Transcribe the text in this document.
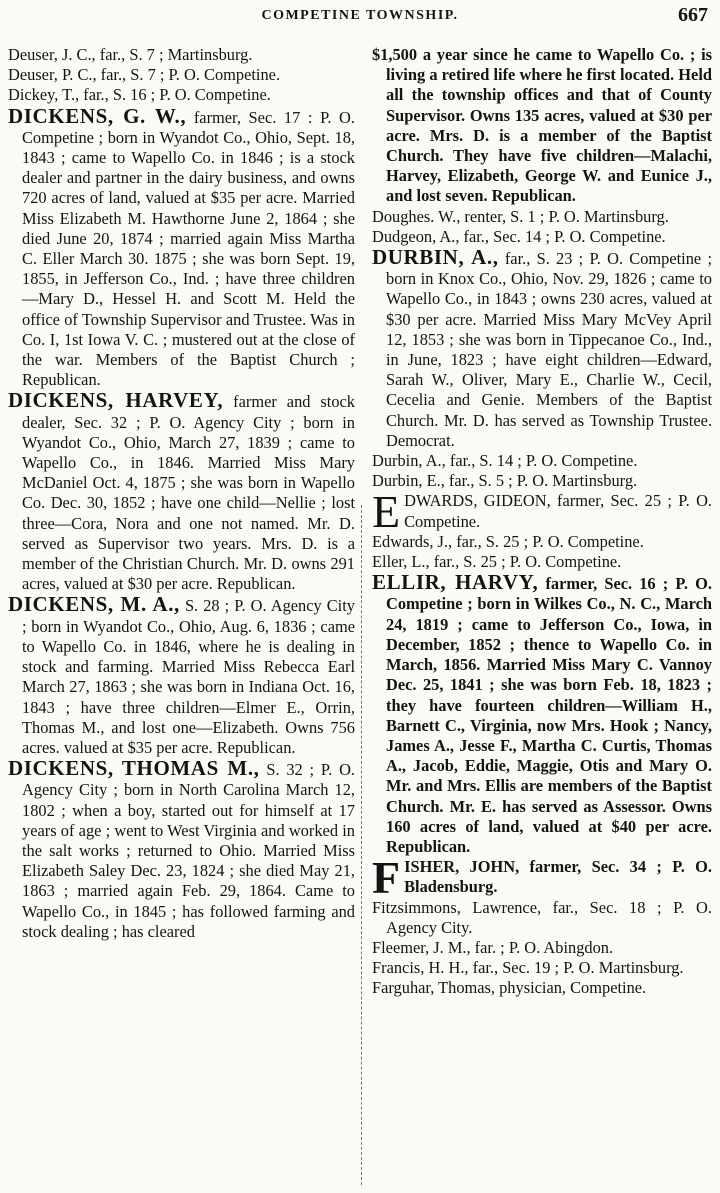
COMPETINE TOWNSHIP.	667

Deuser, J. C., far., S. 7 ; Martinsburg.

Deuser, P. C., far., S. 7 ; P. O. Competine.

Dickey, T., far., S. 16 ; P. O. Competine.

DICKENS, G. W., farmer, Sec. 17 : P. O. Competine ; born in Wyandot Co., Ohio, Sept. 18, 1843 ; came to Wapello Co. in 1846 ; is a stock dealer and partner in the dairy business, and owns 720 acres of land, valued at $35 per acre. Married Miss Elizabeth M. Hawthorne June 2, 1864 ; she died June 20, 1874 ; married again Miss Martha C. Eller March 30. 1875 ; she was born Sept. 19, 1855, in Jefferson Co., Ind. ; have three children—Mary D., Hessel H. and Scott M. Held the office of Township Supervisor and Trustee. Was in Co. I, 1st Iowa V. C. ; mustered out at the close of the war. Members of the Baptist Church ; Republican.

DICKENS, HARVEY, farmer and stock dealer, Sec. 32 ; P. O. Agency City ; born in Wyandot Co., Ohio, March 27, 1839 ; came to Wapello Co., in 1846. Married Miss Mary McDaniel Oct. 4, 1875 ; she was born in Wapello Co. Dec. 30, 1852 ; have one child—Nellie ; lost three—Cora, Nora and one not named. Mr. D. served as Supervisor two years. Mrs. D. is a member of the Christian Church. Mr. D. owns 291 acres, valued at $30 per acre. Republican.

DICKENS, M. A., S. 28 ; P. O. Agency City ; born in Wyandot Co., Ohio, Aug. 6, 1836 ; came to Wapello Co. in 1846, where he is dealing in stock and farming. Married Miss Rebecca Earl March 27, 1863 ; she was born in Indiana Oct. 16, 1843 ; have three children—Elmer E., Orrin, Thomas M., and lost one—Elizabeth. Owns 756 acres. valued at $35 per acre. Republican.

DICKENS, THOMAS M., S. 32 ; P. O. Agency City ; born in North Carolina March 12, 1802 ; when a boy, started out for himself at 17 years of age ; went to West Virginia and worked in the salt works ; returned to Ohio. Married Miss Elizabeth Saley Dec. 23, 1824 ; she died May 21, 1863 ; married again Feb. 29, 1864. Came to Wapello Co., in 1845 ; has followed farming and stock dealing ; has cleared

$1,500 a year since he came to Wapello Co. ; is living a retired life where he first located. Held all the township offices and that of County Supervisor. Owns 135 acres, valued at $30 per acre. Mrs. D. is a member of the Baptist Church. They have five children—Malachi, Harvey, Elizabeth, George W. and Eunice J., and lost seven. Republican.

Doughes. W., renter, S. 1 ; P. O. Martinsburg.

Dudgeon, A., far., Sec. 14 ; P. O. Competine.

DURBIN, A., far., S. 23 ; P. O. Competine ; born in Knox Co., Ohio, Nov. 29, 1826 ; came to Wapello Co., in 1843 ; owns 230 acres, valued at $30 per acre. Married Miss Mary McVey April 12, 1853 ; she was born in Tippecanoe Co., Ind., in June, 1823 ; have eight children—Edward, Sarah W., Oliver, Mary E., Charlie W., Cecil, Cecelia and Genie. Members of the Baptist Church. Mr. D. has served as Township Trustee. Democrat.

Durbin, A., far., S. 14 ; P. O. Competine.

Durbin, E., far., S. 5 ; P. O. Martinsburg.

EDWARDS, GIDEON, farmer, Sec. 25 ; P. O. Competine.

Edwards, J., far., S. 25 ; P. O. Competine.

Eller, L., far., S. 25 ; P. O. Competine.

ELLIR, HARVY, farmer, Sec. 16 ; P. O. Competine ; born in Wilkes Co., N. C., March 24, 1819 ; came to Jefferson Co., Iowa, in December, 1852 ; thence to Wapello Co. in March, 1856. Married Miss Mary C. Vannoy Dec. 25, 1841 ; she was born Feb. 18, 1823 ; they have fourteen children—William H., Barnett C., Virginia, now Mrs. Hook ; Nancy, James A., Jesse F., Martha C. Curtis, Thomas A., Jacob, Eddie, Maggie, Otis and Mary O. Mr. and Mrs. Ellis are members of the Baptist Church. Mr. E. has served as Assessor. Owns 160 acres of land, valued at $40 per acre. Republican.

FISHER, JOHN, farmer, Sec. 34 ; P. O. Bladensburg.

Fitzsimmons, Lawrence, far., Sec. 18 ; P. O. Agency City.

Fleemer, J. M., far. ; P. O. Abingdon.

Francis, H. H., far., Sec. 19 ; P. O. Martinsburg.

Farguhar, Thomas, physician, Competine.
